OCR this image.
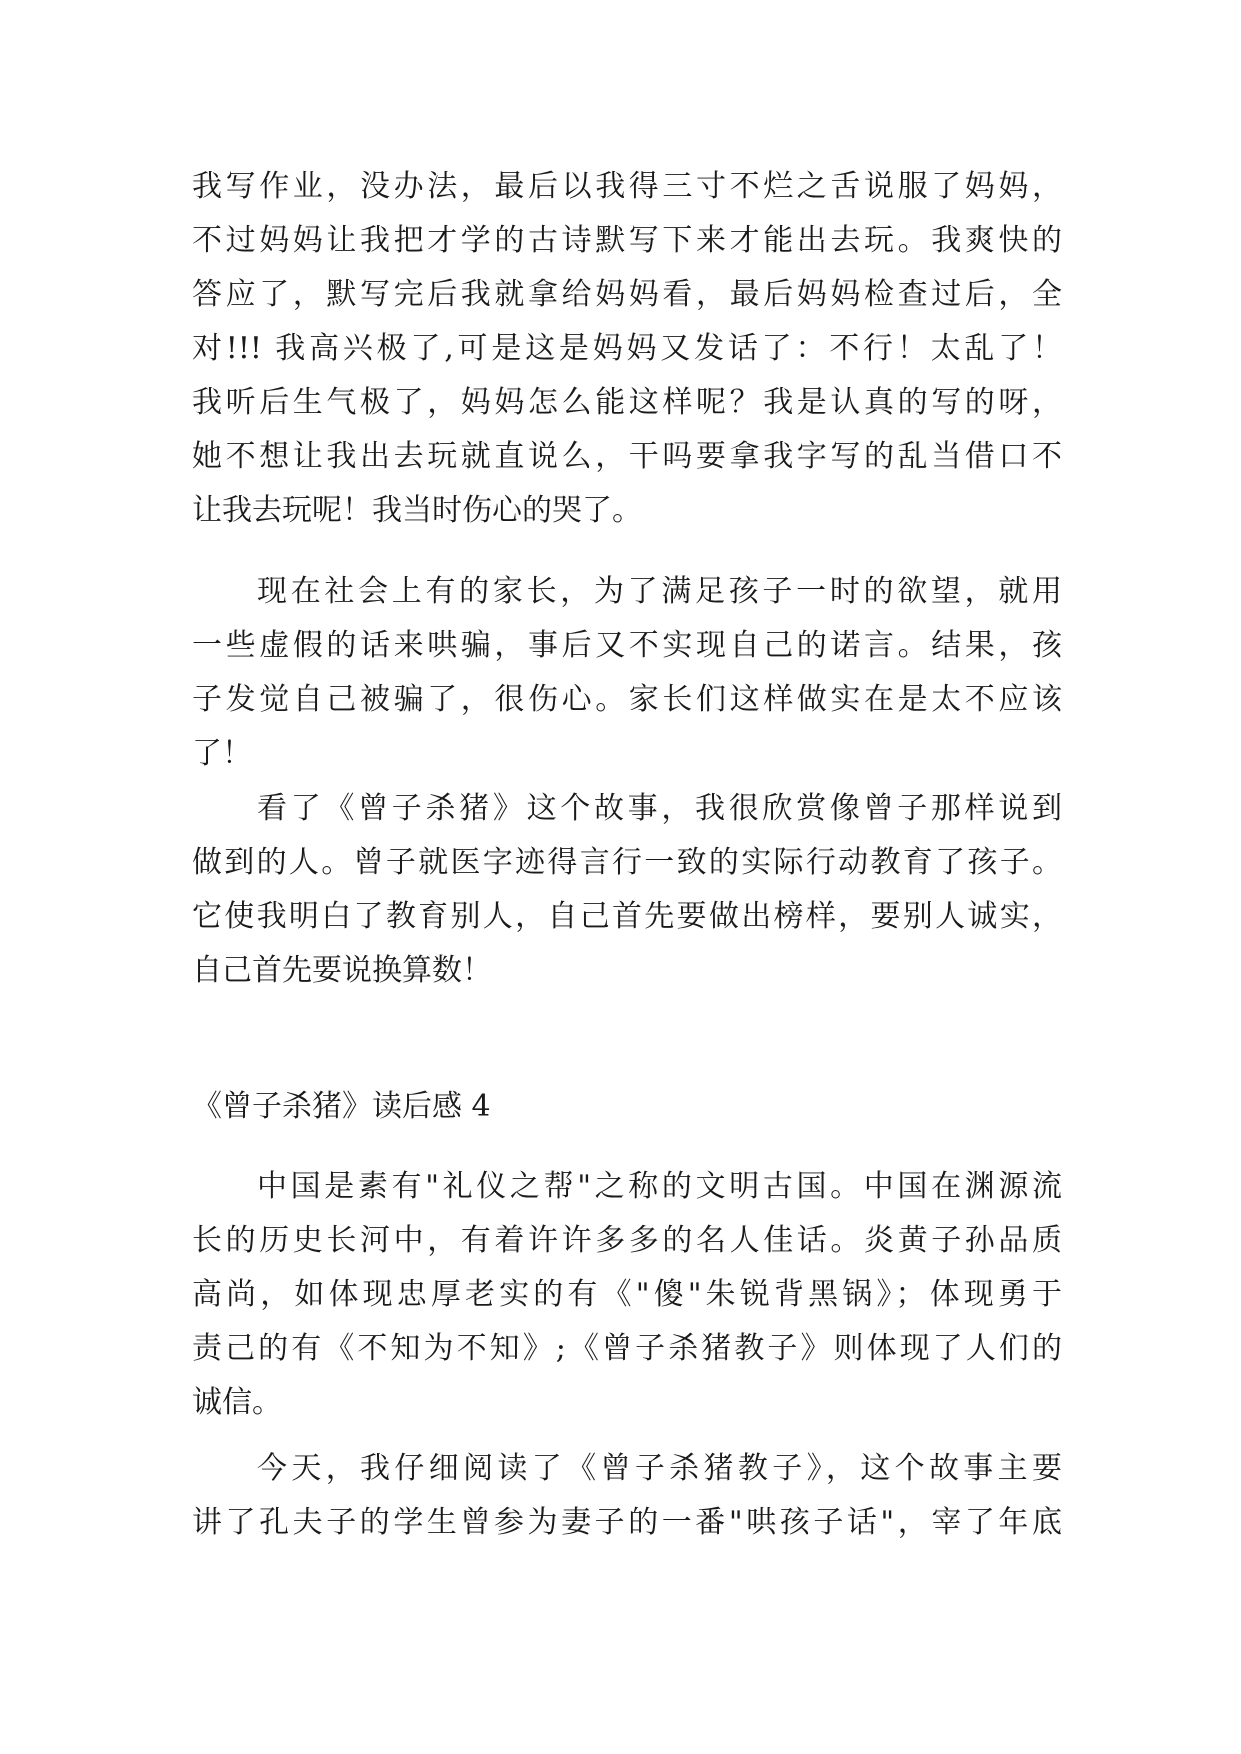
我写作业，没办法，最后以我得三寸不烂之舌说服了妈妈，
不过妈妈让我把才学的古诗默写下来才能出去玩。我爽快的
答应了，默写完后我就拿给妈妈看，最后妈妈检查过后，全
对!!! 我高兴极了,可是这是妈妈又发话了：不行！太乱了！
我听后生气极了，妈妈怎么能这样呢？我是认真的写的呀，
她不想让我出去玩就直说么，干吗要拿我字写的乱当借口不
让我去玩呢！我当时伤心的哭了。
现在社会上有的家长，为了满足孩子一时的欲望，就用
一些虚假的话来哄骗，事后又不实现自己的诺言。结果，孩
子发觉自己被骗了，很伤心。家长们这样做实在是太不应该
了！
看了《曾子杀猪》这个故事，我很欣赏像曾子那样说到
做到的人。曾子就医字迹得言行一致的实际行动教育了孩子。
它使我明白了教育别人，自己首先要做出榜样，要别人诚实，
自己首先要说换算数！
《曾子杀猪》读后感 4
中国是素有"礼仪之帮"之称的文明古国。中国在渊源流
长的历史长河中，有着许许多多的名人佳话。炎黄子孙品质
高尚，如体现忠厚老实的有《"傻"朱锐背黑锅》；体现勇于
责己的有《不知为不知》;《曾子杀猪教子》则体现了人们的
诚信。
今天，我仔细阅读了《曾子杀猪教子》，这个故事主要
讲了孔夫子的学生曾参为妻子的一番"哄孩子话"，宰了年底
